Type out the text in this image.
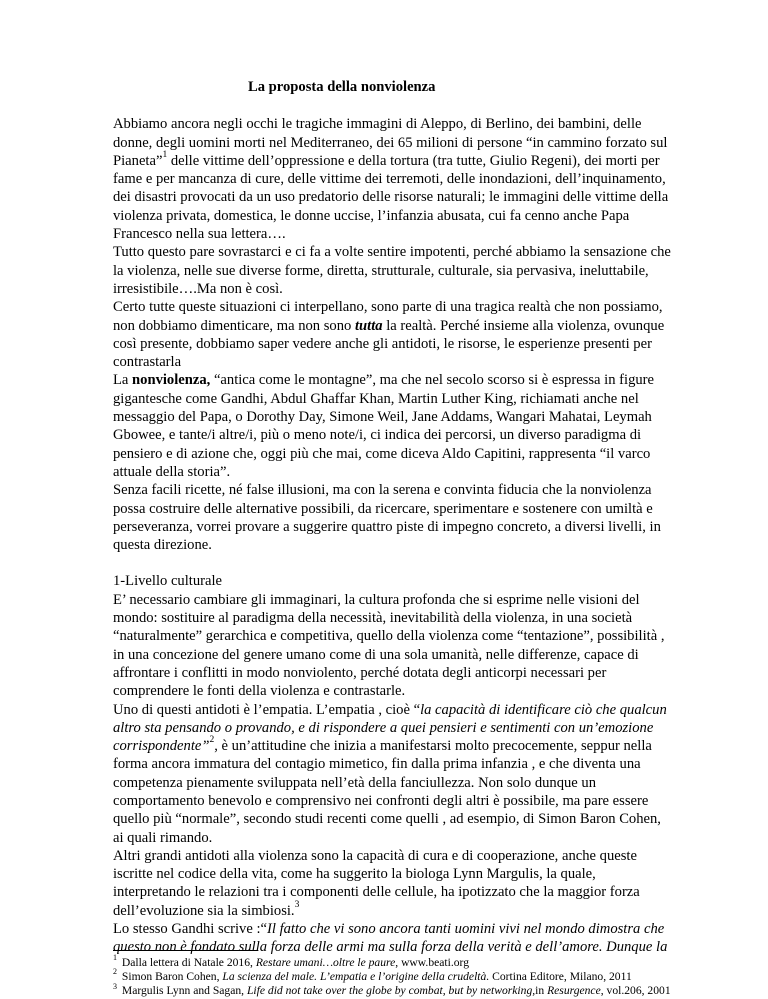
La proposta della nonviolenza

Abbiamo ancora negli occhi le tragiche immagini di Aleppo, di Berlino, dei bambini, delle donne, degli uomini morti nel Mediterraneo, dei 65 milioni di persone “in cammino forzato sul Pianeta”$^1$ delle vittime dell’oppressione e della tortura (tra tutte, Giulio Regeni), dei morti per fame e per mancanza di cure, delle vittime dei terremoti, delle inondazioni, dell’inquinamento, dei disastri provocati da un uso predatorio delle risorse naturali; le immagini delle vittime della violenza privata, domestica, le donne uccise, l’infanzia abusata, cui fa cenno anche Papa Francesco nella sua lettera….

Tutto questo pare sovrastarci e ci fa a volte sentire impotenti, perché abbiamo la sensazione che la violenza, nelle sue diverse forme, diretta, strutturale, culturale, sia pervasiva, ineluttabile, irresistibile….Ma non è così.

Certo tutte queste situazioni ci interpellano, sono parte di una tragica realtà che non possiamo, non dobbiamo dimenticare, ma non sono tutta la realtà. Perché insieme alla violenza, ovunque così presente, dobbiamo saper vedere anche gli antidoti, le risorse, le esperienze presenti per contrastarla

La nonviolenza, “antica come le montagne”, ma che nel secolo scorso si è espressa in figure gigantesche come Gandhi, Abdul Ghaffar Khan, Martin Luther King, richiamati anche nel messaggio del Papa, o Dorothy Day, Simone Weil, Jane Addams, Wangari Mahatai, Leymah Gbowee, e tante/i altre/i, più o meno note/i, ci indica dei percorsi, un diverso paradigma di pensiero e di azione che, oggi più che mai, come diceva Aldo Capitini, rappresenta “il varco attuale della storia”.

Senza facili ricette, né false illusioni, ma con la serena e convinta fiducia che la nonviolenza possa costruire delle alternative possibili, da ricercare, sperimentare e sostenere con umiltà e perseveranza, vorrei provare a suggerire quattro piste di impegno concreto, a diversi livelli, in questa direzione.

1-Livello culturale

E’ necessario cambiare gli immaginari, la cultura profonda che si esprime nelle visioni del mondo: sostituire al paradigma della necessità, inevitabilità della violenza, in una società “naturalmente” gerarchica e competitiva, quello della violenza come “tentazione”, possibilità , in una concezione del genere umano come di una sola umanità, nelle differenze, capace di affrontare i conflitti in modo nonviolento, perché dotata degli anticorpi necessari per comprendere le fonti della violenza e contrastarle.

Uno di questi antidoti è l’empatia. L’empatia , cioè “la capacità di identificare ciò che qualcun altro sta pensando o provando, e di rispondere a quei pensieri e sentimenti con un’emozione corrispondente”$^2$, è un’attitudine che inizia a manifestarsi molto precocemente, seppur nella forma ancora immatura del contagio mimetico, fin dalla prima infanzia , e che diventa una competenza pienamente sviluppata nell’età della fanciullezza. Non solo dunque un comportamento benevolo e comprensivo nei confronti degli altri è possibile, ma pare essere quello più “normale”, secondo studi recenti come quelli , ad esempio, di Simon Baron Cohen, ai quali rimando.

Altri grandi antidoti alla violenza sono la capacità di cura e di cooperazione, anche queste iscritte nel codice della vita, come ha suggerito la biologa Lynn Margulis, la quale, interpretando le relazioni tra i componenti delle cellule, ha ipotizzato che la maggior forza dell’evoluzione sia la simbiosi.$^3$

Lo stesso Gandhi scrive :“Il fatto che vi sono ancora tanti uomini vivi nel mondo dimostra che questo non è fondato sulla forza delle armi ma sulla forza della verità e dell’amore. Dunque la

$^1$ Dalla lettera di Natale 2016, Restare umani…oltre le paure, www.beati.org

$^2$ Simon Baron Cohen, La scienza del male. L’empatia e l’origine della crudeltà. Cortina Editore, Milano, 2011

$^3$ Margulis Lynn and Sagan, Life did not take over the globe by combat, but by networking,in Resurgence, vol.206, 2001
